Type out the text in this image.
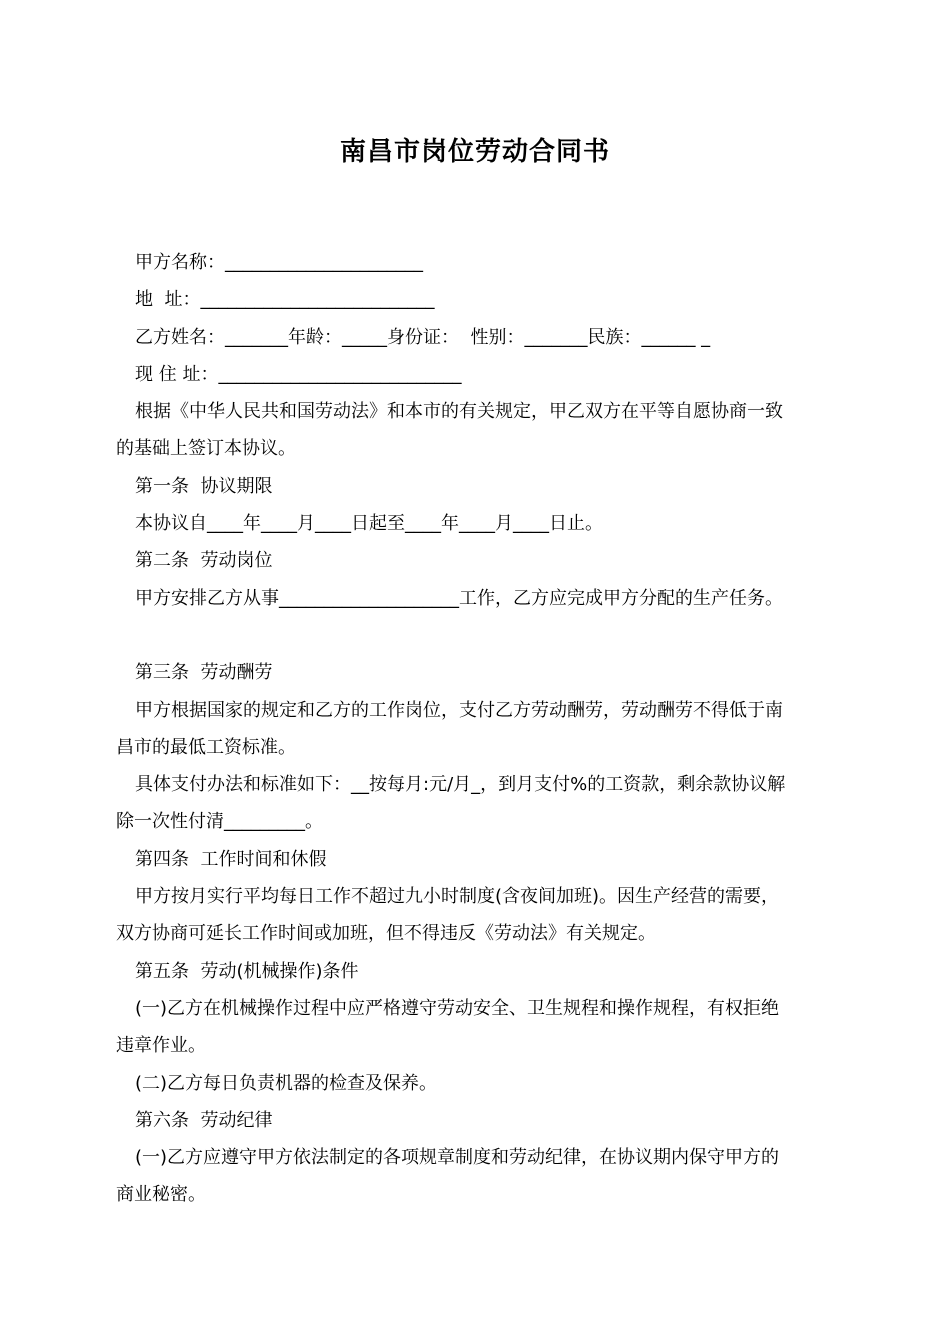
南昌市岗位劳动合同书
甲方名称：______________________
地  址：__________________________
乙方姓名：_______年龄：_____身份证：  性别：_______民族：______ _
现 住 址：___________________________
根据《中华人民共和国劳动法》和本市的有关规定，甲乙双方在平等自愿协商一致
的基础上签订本协议。
第一条  协议期限
本协议自____年____月____日起至____年____月____日止。
第二条  劳动岗位
甲方安排乙方从事____________________工作，乙方应完成甲方分配的生产任务。
第三条  劳动酬劳
甲方根据国家的规定和乙方的工作岗位，支付乙方劳动酬劳，劳动酬劳不得低于南
昌市的最低工资标准。
具体支付办法和标准如下：__按每月:元/月_，到月支付%的工资款，剩余款协议解
除一次性付清_________。
第四条  工作时间和休假
甲方按月实行平均每日工作不超过九小时制度(含夜间加班)。因生产经营的需要，
双方协商可延长工作时间或加班，但不得违反《劳动法》有关规定。
第五条  劳动(机械操作)条件
(一)乙方在机械操作过程中应严格遵守劳动安全、卫生规程和操作规程，有权拒绝
违章作业。
(二)乙方每日负责机器的检查及保养。
第六条  劳动纪律
(一)乙方应遵守甲方依法制定的各项规章制度和劳动纪律，在协议期内保守甲方的
商业秘密。
